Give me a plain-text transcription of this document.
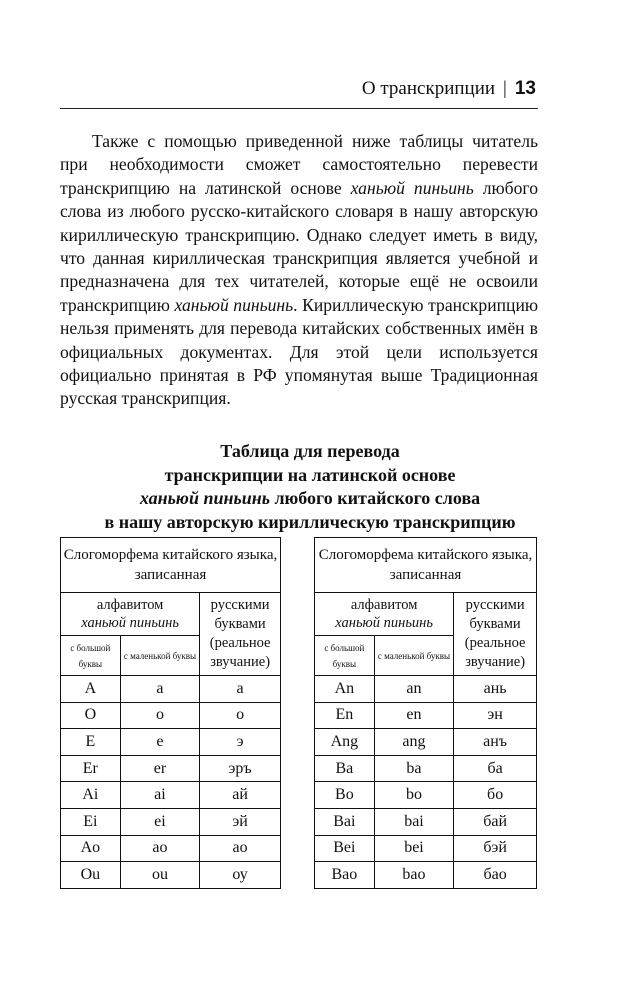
О транскрипции | 13

Также с помощью приведенной ниже таблицы читатель при необходимости сможет самостоятельно перевести транскрипцию на латинской основе ханьюй пиньинь любого слова из любого русско-китайского словаря в нашу авторскую кириллическую транскрипцию. Однако следует иметь в виду, что данная кириллическая транскрипция является учебной и предназначена для тех читателей, которые ещё не освоили транскрипцию ханьюй пиньинь. Кириллическую транскрипцию нельзя применять для перевода китайских собственных имён в официальных документах. Для этой цели используется официально принятая в РФ упомянутая выше Традиционная русская транскрипция.

Таблица для перевода
транскрипции на латинской основе
ханьюй пиньинь любого китайского слова
в нашу авторскую кириллическую транскрипцию
Слогоморфема китайского языка, записанная		
алфавитом
ханьюй пиньинь		русскими буквами (реальное звучание)
с большой буквы	с маленькой буквы	
A	a	а
O	o	о
E	e	э
Er	er	эръ
Ai	ai	ай
Ei	ei	эй
Ao	ao	ао
Ou	ou	оу
Слогоморфема китайского языка, записанная		
алфавитом
ханьюй пиньинь		русскими буквами (реальное звучание)
с большой буквы	с маленькой буквы	
An	an	ань
En	en	эн
Ang	ang	анъ
Ba	ba	ба
Bo	bo	бо
Bai	bai	бай
Bei	bei	бэй
Bao	bao	бао
